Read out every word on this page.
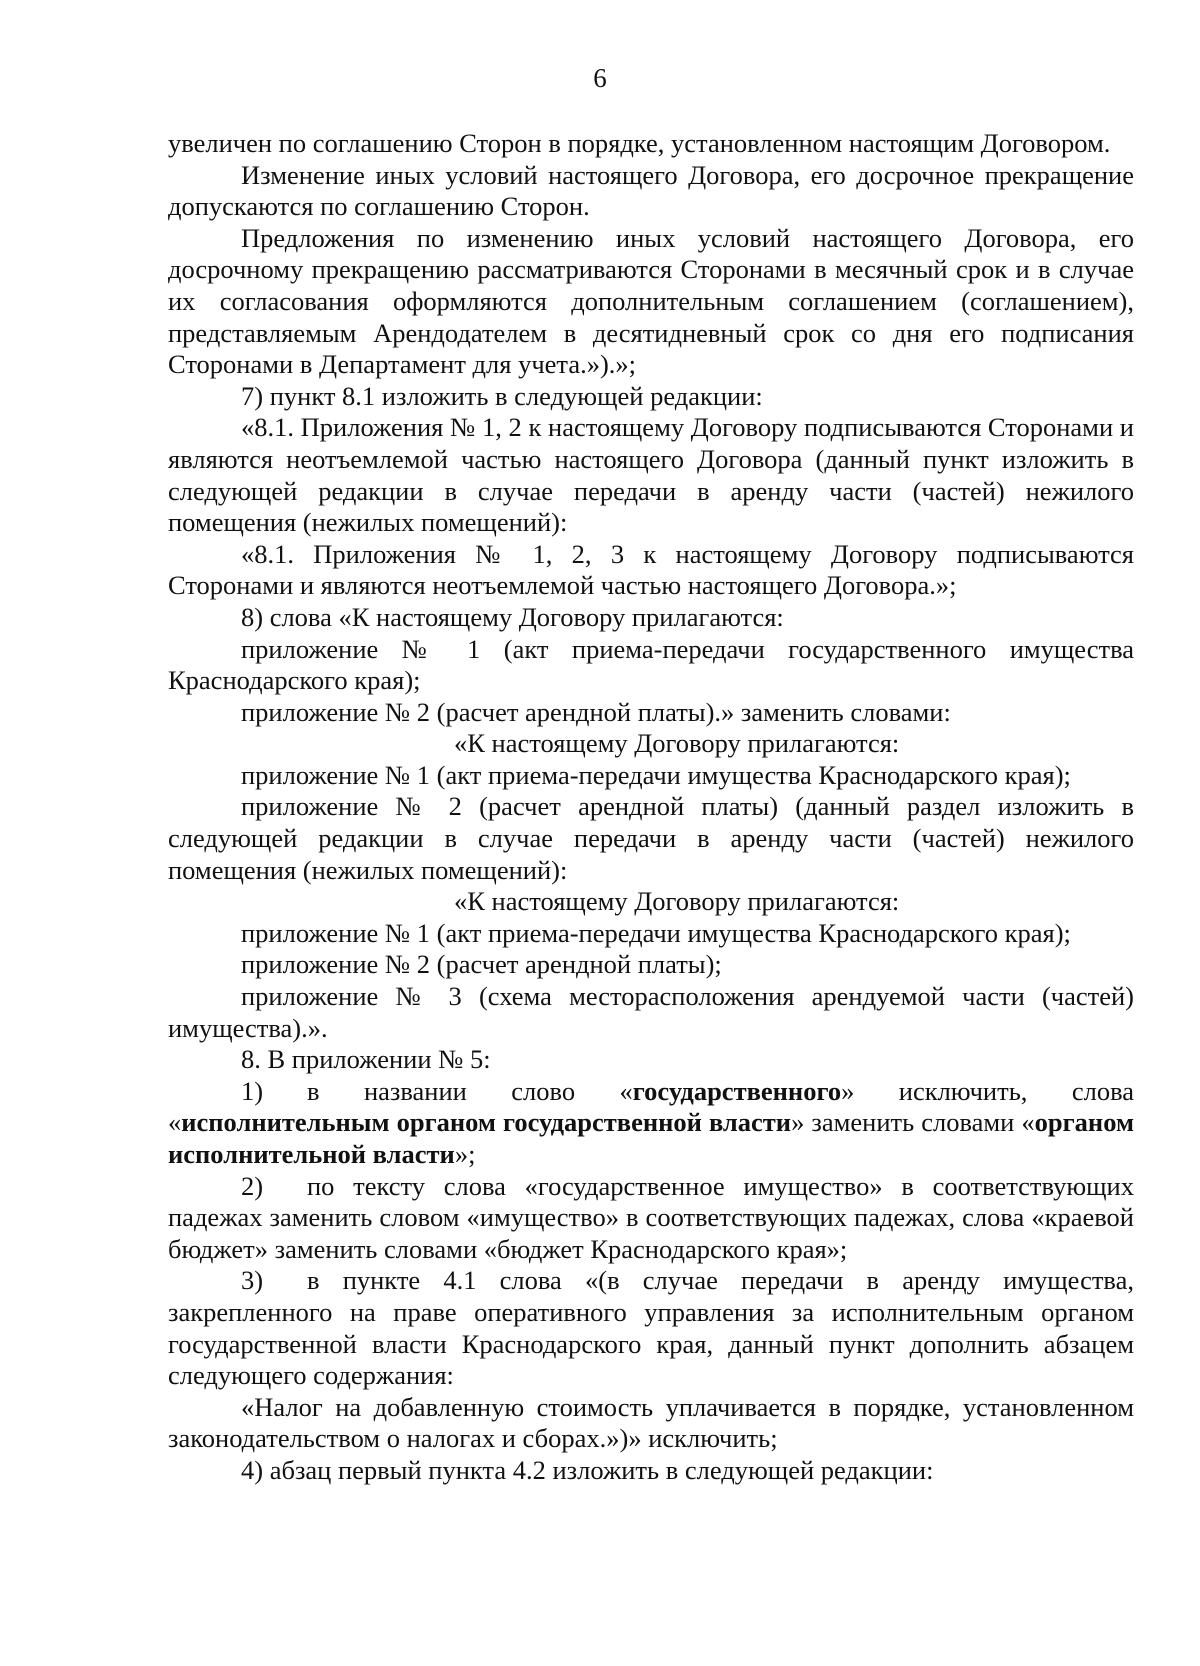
6

увеличен по соглашению Сторон в порядке, установленном настоящим Договором.

Изменение иных условий настоящего Договора, его досрочное прекращение допускаются по соглашению Сторон.

Предложения по изменению иных условий настоящего Договора, его досрочному прекращению рассматриваются Сторонами в месячный срок и в случае их согласования оформляются дополнительным соглашением (соглашением), представляемым Арендодателем в десятидневный срок со дня его подписания Сторонами в Департамент для учета.»).»;

7) пункт 8.1 изложить в следующей редакции:

«8.1. Приложения № 1, 2 к настоящему Договору подписываются Сторонами и являются неотъемлемой частью настоящего Договора (данный пункт изложить в следующей редакции в случае передачи в аренду части (частей) нежилого помещения (нежилых помещений):

«8.1. Приложения № 1, 2, 3 к настоящему Договору подписываются Сторонами и являются неотъемлемой частью настоящего Договора.»;

8) слова «К настоящему Договору прилагаются:

приложение № 1 (акт приема-передачи государственного имущества Краснодарского края);

приложение № 2 (расчет арендной платы).» заменить словами:

«К настоящему Договору прилагаются:

приложение № 1 (акт приема-передачи имущества Краснодарского края);

приложение № 2 (расчет арендной платы) (данный раздел изложить в следующей редакции в случае передачи в аренду части (частей) нежилого помещения (нежилых помещений):

«К настоящему Договору прилагаются:

приложение № 1 (акт приема-передачи имущества Краснодарского края);

приложение № 2 (расчет арендной платы);

приложение № 3 (схема месторасположения арендуемой части (частей) имущества).».

8. В приложении № 5:

1) в названии слово «государственного» исключить, слова «исполнительным органом государственной власти» заменить словами «органом исполнительной власти»;

2) по тексту слова «государственное имущество» в соответствующих падежах заменить словом «имущество» в соответствующих падежах, слова «краевой бюджет» заменить словами «бюджет Краснодарского края»;

3) в пункте 4.1 слова «(в случае передачи в аренду имущества, закрепленного на праве оперативного управления за исполнительным органом государственной власти Краснодарского края, данный пункт дополнить абзацем следующего содержания:

«Налог на добавленную стоимость уплачивается в порядке, установленном законодательством о налогах и сборах.»)» исключить;

4) абзац первый пункта 4.2 изложить в следующей редакции:
